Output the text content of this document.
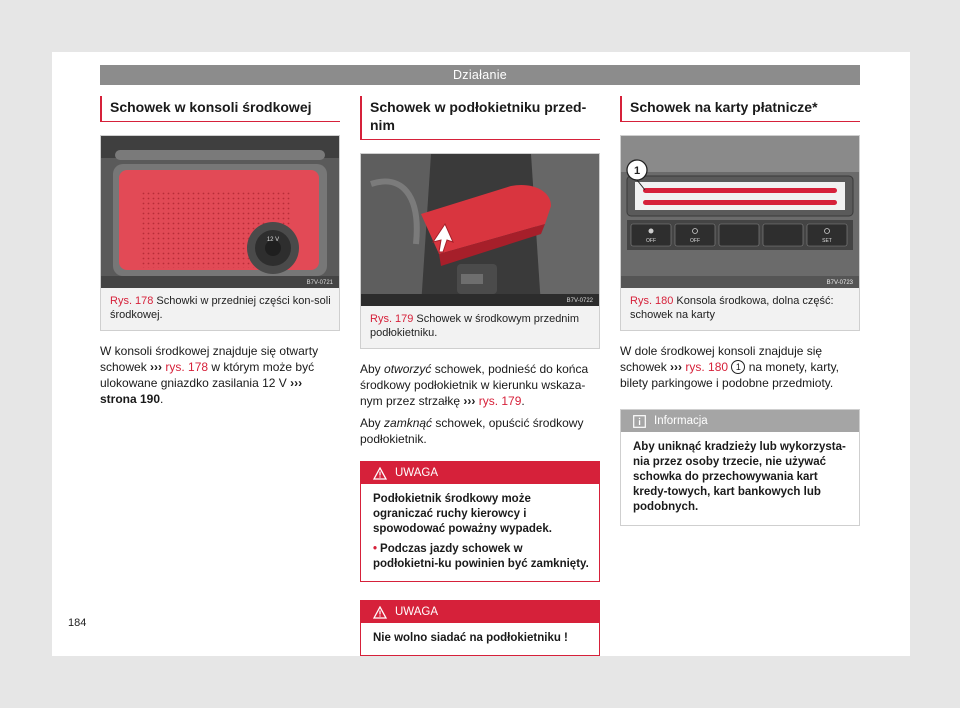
Działanie
Schowek w konsoli środkowej
12 V
B7V-0721
Rys. 178 Schowki w przedniej części kon-soli środkowej.

W konsoli środkowej znajduje się otwarty schowek ››› rys. 178 w którym może być ulokowane gniazdko zasilania 12 V ››› strona 190.

Schowek w podłokietniku przed-nim
B7V-0722
Rys. 179 Schowek w środkowym przednim podłokietniku.

Aby otworzyć schowek, podnieść do końca środkowy podłokietnik w kierunku wskaza-nym przez strzałkę ››› rys. 179.

Aby zamknąć schowek, opuścić środkowy podłokietnik.

UWAGA

Podłokietnik środkowy może ograniczać ruchy kierowcy i spowodować poważny wypadek.

• Podczas jazdy schowek w podłokietni-ku powinien być zamknięty.

UWAGA

Nie wolno siadać na podłokietniku !

Schowek na karty płatnicze*
1
OFF	OFF	SET
B7V-0723
Rys. 180 Konsola środkowa, dolna część: schowek na karty

W dole środkowej konsoli znajduje się schowek ››› rys. 180 1 na monety, karty, bilety parkingowe i podobne przedmioty.

Informacja
Aby uniknąć kradzieży lub wykorzysta-nia przez osoby trzecie, nie używać schowka do przechowywania kart kredy-towych, kart bankowych lub podobnych.
184
